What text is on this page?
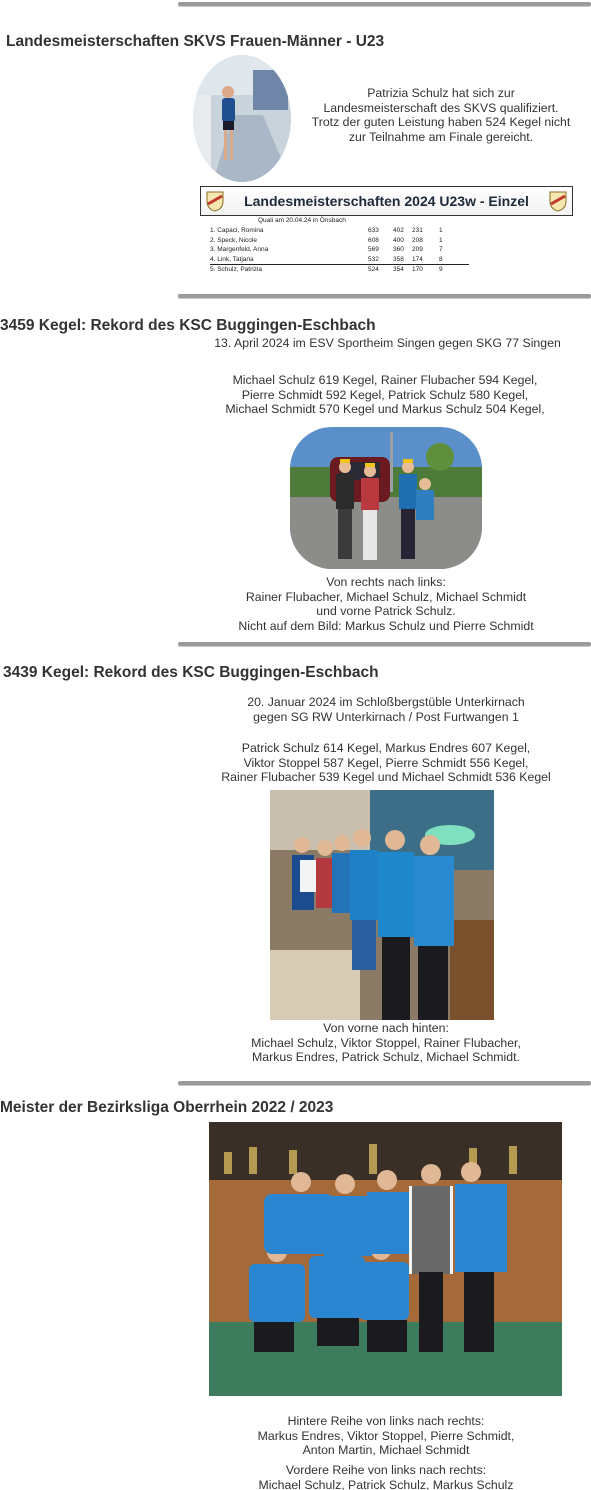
Landesmeisterschaften SKVS Frauen-Männer - U23
Patrizia Schulz hat sich zur Landesmeisterschaft des SKVS qualifiziert. Trotz der guten Leistung haben 524 Kegel nicht zur Teilnahme am Finale gereicht.
Landesmeisterschaften 2024 U23w - Einzel
Quali am 20.04.24 in Önsbach
1. Capaci, Romina	633	402	231	1
2. Speck, Nicole	608	400	208	1
3. Margenfeld, Anna	569	360	209	7
4. Link, Tatjana	532	358	174	8
5. Schulz, Patrizia	524	354	170	9
3459 Kegel: Rekord des KSC Buggingen-Eschbach
13. April 2024 im ESV Sportheim Singen gegen SKG 77 Singen

Michael Schulz 619 Kegel, Rainer Flubacher 594 Kegel,

Pierre Schmidt 592 Kegel, Patrick Schulz 580 Kegel,

Michael Schmidt 570 Kegel und Markus Schulz 504 Kegel,

Von rechts nach links:

Rainer Flubacher, Michael Schulz, Michael Schmidt

und vorne Patrick Schulz.

Nicht auf dem Bild: Markus Schulz und Pierre Schmidt

3439 Kegel: Rekord des KSC Buggingen-Eschbach

20. Januar 2024 im Schloßbergstüble Unterkirnach

gegen SG RW Unterkirnach / Post Furtwangen 1

Patrick Schulz 614 Kegel, Markus Endres 607 Kegel,

Viktor Stoppel 587 Kegel, Pierre Schmidt 556 Kegel,

Rainer Flubacher 539 Kegel und Michael Schmidt 536 Kegel

Von vorne nach hinten:

Michael Schulz, Viktor Stoppel, Rainer Flubacher,

Markus Endres, Patrick Schulz, Michael Schmidt.

Meister der Bezirksliga Oberrhein 2022 / 2023

Hintere Reihe von links nach rechts:

Markus Endres, Viktor Stoppel, Pierre Schmidt,

Anton Martin, Michael Schmidt

Vordere Reihe von links nach rechts:

Michael Schulz, Patrick Schulz, Markus Schulz
